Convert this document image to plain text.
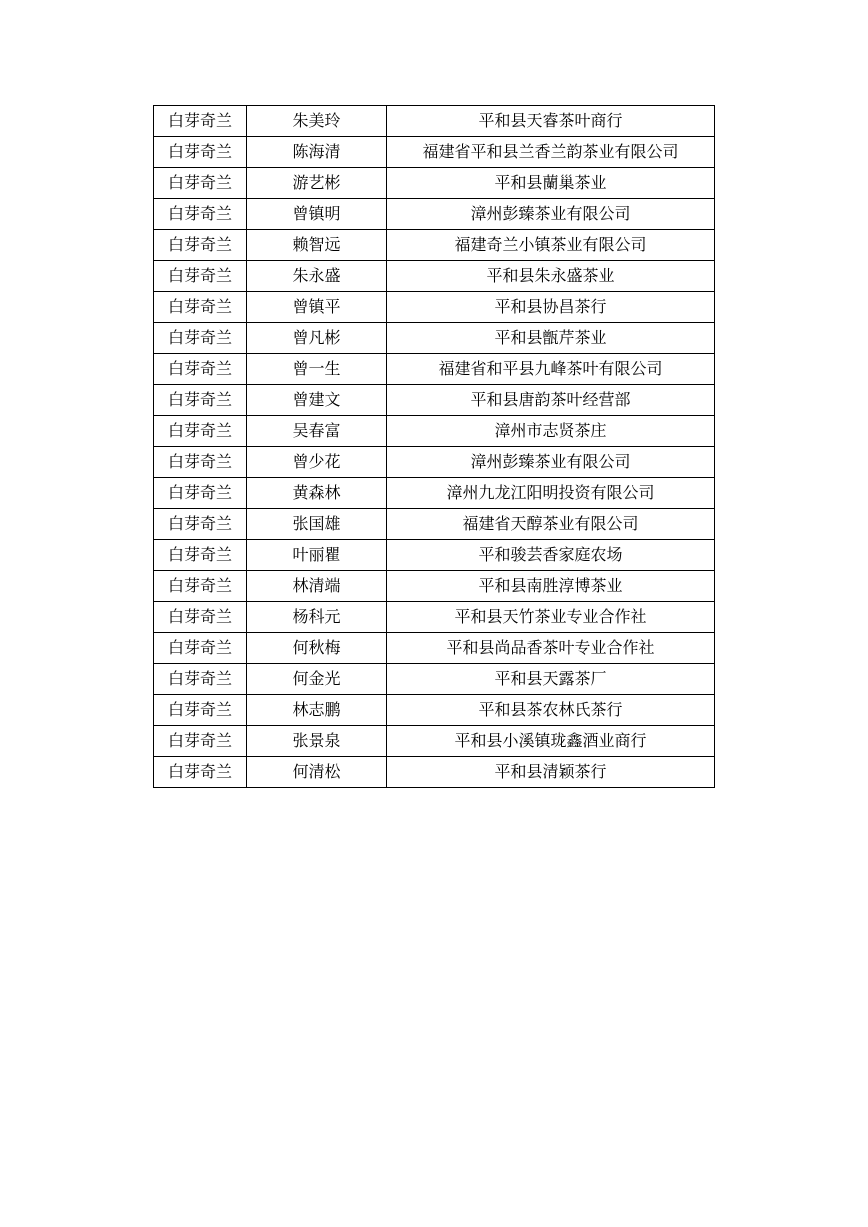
白芽奇兰	朱美玲	平和县天睿茶叶商行
白芽奇兰	陈海清	福建省平和县兰香兰韵茶业有限公司
白芽奇兰	游艺彬	平和县蘭巢茶业
白芽奇兰	曾镇明	漳州彭臻茶业有限公司
白芽奇兰	赖智远	福建奇兰小镇茶业有限公司
白芽奇兰	朱永盛	平和县朱永盛茶业
白芽奇兰	曾镇平	平和县协昌茶行
白芽奇兰	曾凡彬	平和县甑芹茶业
白芽奇兰	曾一生	福建省和平县九峰茶叶有限公司
白芽奇兰	曾建文	平和县唐韵茶叶经营部
白芽奇兰	吴春富	漳州市志贤茶庄
白芽奇兰	曾少花	漳州彭臻茶业有限公司
白芽奇兰	黄森林	漳州九龙江阳明投资有限公司
白芽奇兰	张国雄	福建省天醇茶业有限公司
白芽奇兰	叶丽瞿	平和骏芸香家庭农场
白芽奇兰	林清端	平和县南胜淳博茶业
白芽奇兰	杨科元	平和县天竹茶业专业合作社
白芽奇兰	何秋梅	平和县尚品香茶叶专业合作社
白芽奇兰	何金光	平和县天露茶厂
白芽奇兰	林志鹏	平和县茶农林氏茶行
白芽奇兰	张景泉	平和县小溪镇珑鑫酒业商行
白芽奇兰	何清松	平和县清颖茶行
